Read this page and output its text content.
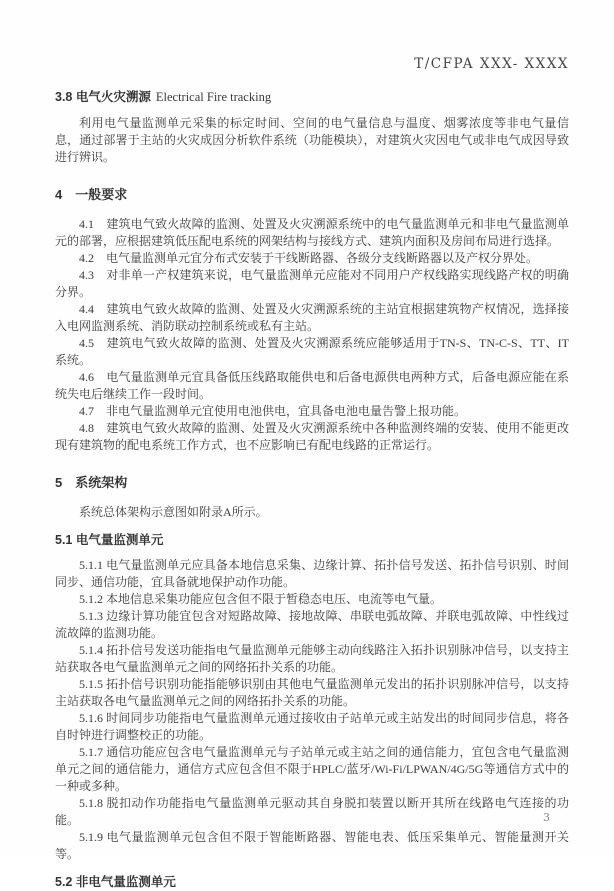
T/CFPA XXX- XXXX
3.8 电气火灾溯源 Electrical Fire tracking

利用电气量监测单元采集的标定时间、空间的电气量信息与温度、烟雾浓度等非电气量信息，通过部署于主站的火灾成因分析软件系统（功能模块），对建筑火灾因电气或非电气成因导致进行辨识。

4　一般要求

4.1　建筑电气致火故障的监测、处置及火灾溯源系统中的电气量监测单元和非电气量监测单元的部署，应根据建筑低压配电系统的网架结构与接线方式、建筑内面积及房间布局进行选择。

4.2　电气量监测单元宜分布式安装于干线断路器、各级分支线断路器以及产权分界处。

4.3　对非单一产权建筑来说，电气量监测单元应能对不同用户产权线路实现线路产权的明确分界。

4.4　建筑电气致火故障的监测、处置及火灾溯源系统的主站宜根据建筑物产权情况，选择接入电网监测系统、消防联动控制系统或私有主站。

4.5　建筑电气致火故障的监测、处置及火灾溯源系统应能够适用于TN-S、TN-C-S、TT、IT系统。

4.6　电气量监测单元宜具备低压线路取能供电和后备电源供电两种方式，后备电源应能在系统失电后继续工作一段时间。

4.7　非电气量监测单元宜使用电池供电，宜具备电池电量告警上报功能。

4.8　建筑电气致火故障的监测、处置及火灾溯源系统中各种监测终端的安装、使用不能更改现有建筑物的配电系统工作方式，也不应影响已有配电线路的正常运行。

5　系统架构

系统总体架构示意图如附录A所示。

5.1 电气量监测单元

5.1.1 电气量监测单元应具备本地信息采集、边缘计算、拓扑信号发送、拓扑信号识别、时间同步、通信功能，宜具备就地保护动作功能。

5.1.2 本地信息采集功能应包含但不限于暂稳态电压、电流等电气量。

5.1.3 边缘计算功能宜包含对短路故障、接地故障、串联电弧故障、并联电弧故障、中性线过流故障的监测功能。

5.1.4 拓扑信号发送功能指电气量监测单元能够主动向线路注入拓扑识别脉冲信号，以支持主站获取各电气量监测单元之间的网络拓扑关系的功能。

5.1.5 拓扑信号识别功能指能够识别由其他电气量监测单元发出的拓扑识别脉冲信号，以支持主站获取各电气量监测单元之间的网络拓扑关系的功能。

5.1.6 时间同步功能指电气量监测单元通过接收由子站单元或主站发出的时间同步信息，将各自时钟进行调整校正的功能。

5.1.7 通信功能应包含电气量监测单元与子站单元或主站之间的通信能力，宜包含电气量监测单元之间的通信能力，通信方式应包含但不限于HPLC/蓝牙/Wi-Fi/LPWAN/4G/5G等通信方式中的一种或多种。

5.1.8 脱扣动作功能指电气量监测单元驱动其自身脱扣装置以断开其所在线路电气连接的功能。

5.1.9 电气量监测单元包含但不限于智能断路器、智能电表、低压采集单元、智能量测开关等。

5.2 非电气量监测单元
3
